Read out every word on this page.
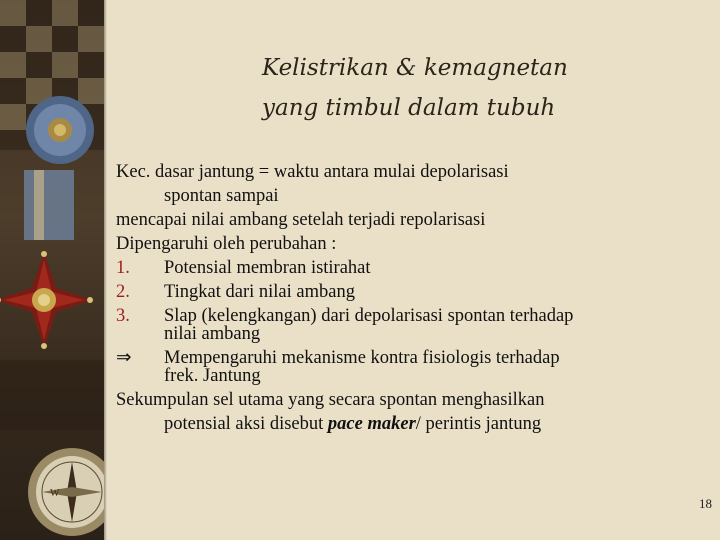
W
Kelistrikan & kemagnetan
yang timbul dalam tubuh
Kec. dasar jantung = waktu antara mulai depolarisasi
spontan sampai
mencapai nilai ambang setelah terjadi repolarisasi
Dipengaruhi oleh perubahan :
1.	Potensial membran istirahat
2.	Tingkat dari nilai ambang
3.	Slap (kelengkangan) dari depolarisasi spontan terhadap
nilai ambang
⇒	Mempengaruhi mekanisme kontra fisiologis terhadap
frek. Jantung
Sekumpulan sel utama yang secara spontan menghasilkan
potensial aksi disebut pace maker/ perintis jantung
18
